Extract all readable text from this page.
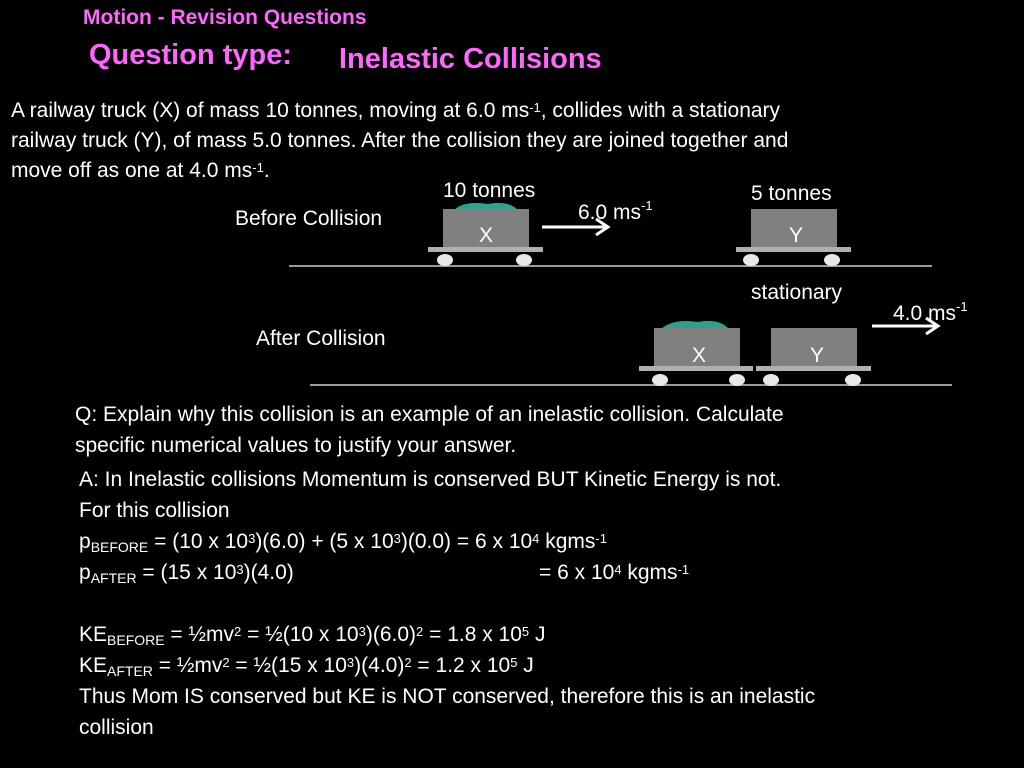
Motion - Revision Questions
Question type: Inelastic Collisions
A railway truck (X) of mass 10 tonnes, moving at 6.0 $ms^{-1}$, collides with a stationary
railway truck (Y), of mass 5.0 tonnes. After the collision they are joined together and
move off as one at 4.0 $ms^{-1}$.
Before Collision
10 tonnes
6.0 $ms^{-1}$
5 tonnes
stationary
After Collision
4.0 $ms^{-1}$
X	Y
X	Y
Q: Explain why this collision is an example of an inelastic collision. Calculate
specific numerical values to justify your answer.
A: In Inelastic collisions Momentum is conserved BUT Kinetic Energy is not.
For this collision
$p_{BEFORE} = (10$ x $10^3)(6.0) + (5$ x $10^3)(0.0) = 6$ x $10^4$ kgms$^{-1}$
$p_{AFTER} = (15$ x $10^3)(4.0)$	= 6 x $10^4$ kgms$^{-1}$
$KE_{BEFORE}$ = $\frac{1}{2}mv^2$ = ½(10 x $10^3)(6.0)^2 = 1.8$ x $10^5$ J
$KE_{AFTER}$ = $\frac{1}{2}mv^2$ = ½(15 x $10^3)(4.0)^2 = 1.2$ x $10^5$ J
Thus Mom IS conserved but KE is NOT conserved, therefore this is an inelastic
collision
